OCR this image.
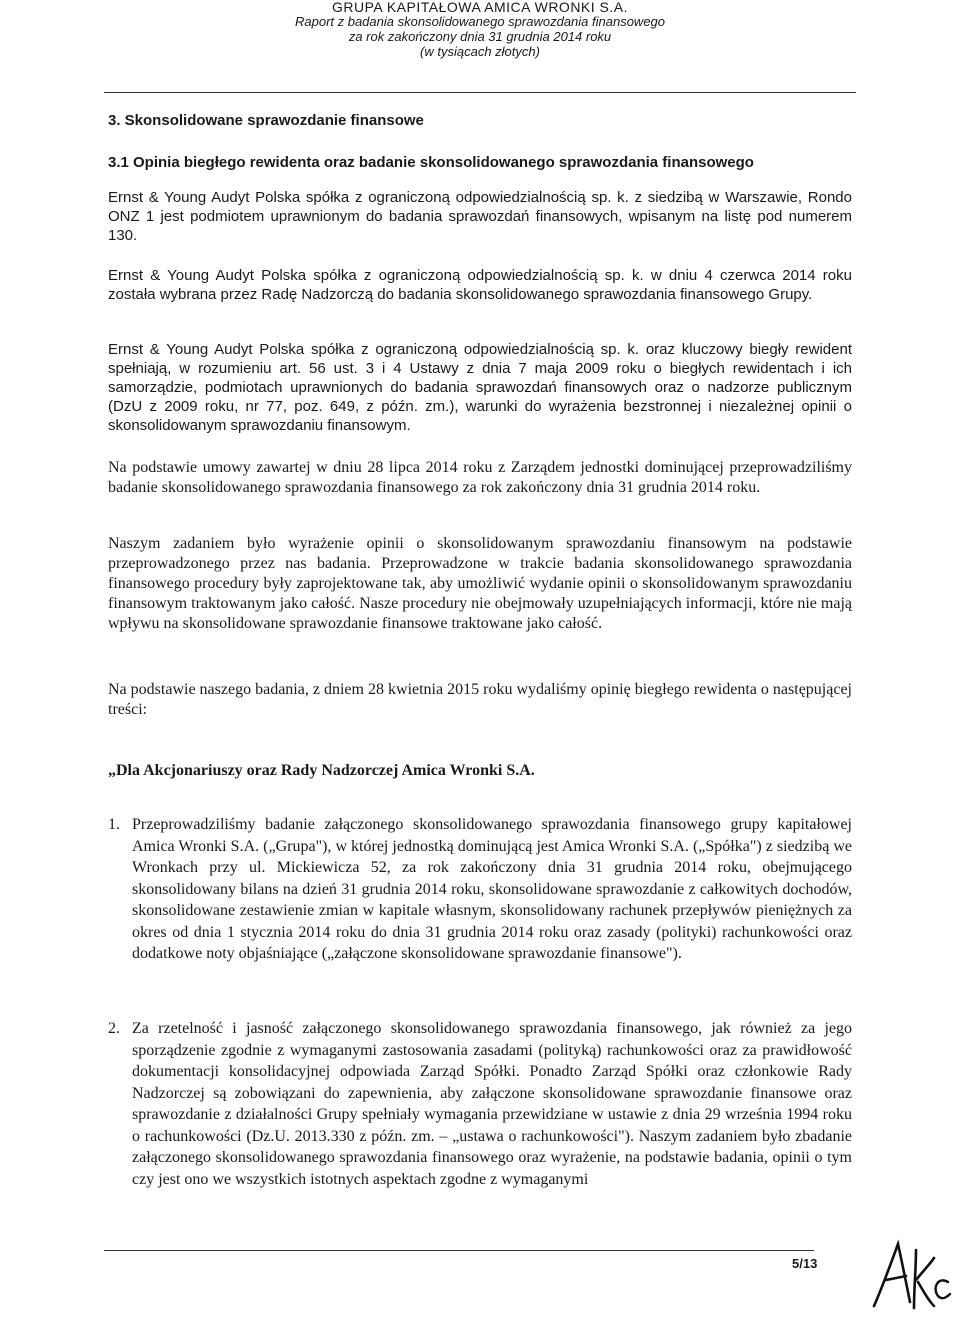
GRUPA KAPITAŁOWA AMICA WRONKI S.A.
Raport z badania skonsolidowanego sprawozdania finansowego
za rok zakończony dnia 31 grudnia 2014 roku
(w tysiącach złotych)
3. Skonsolidowane sprawozdanie finansowe
3.1 Opinia biegłego rewidenta oraz badanie skonsolidowanego sprawozdania finansowego

Ernst & Young Audyt Polska spółka z ograniczoną odpowiedzialnością sp. k. z siedzibą w Warszawie, Rondo ONZ 1 jest podmiotem uprawnionym do badania sprawozdań finansowych, wpisanym na listę pod numerem 130.

Ernst & Young Audyt Polska spółka z ograniczoną odpowiedzialnością sp. k. w dniu 4 czerwca 2014 roku została wybrana przez Radę Nadzorczą do badania skonsolidowanego sprawozdania finansowego Grupy.

Ernst & Young Audyt Polska spółka z ograniczoną odpowiedzialnością sp. k. oraz kluczowy biegły rewident spełniają, w rozumieniu art. 56 ust. 3 i 4 Ustawy z dnia 7 maja 2009 roku o biegłych rewidentach i ich samorządzie, podmiotach uprawnionych do badania sprawozdań finansowych oraz o nadzorze publicznym (DzU z 2009 roku, nr 77, poz. 649, z późn. zm.), warunki do wyrażenia bezstronnej i niezależnej opinii o skonsolidowanym sprawozdaniu finansowym.

Na podstawie umowy zawartej w dniu 28 lipca 2014 roku z Zarządem jednostki dominującej przeprowadziliśmy badanie skonsolidowanego sprawozdania finansowego za rok zakończony dnia 31 grudnia 2014 roku.

Naszym zadaniem było wyrażenie opinii o skonsolidowanym sprawozdaniu finansowym na podstawie przeprowadzonego przez nas badania. Przeprowadzone w trakcie badania skonsolidowanego sprawozdania finansowego procedury były zaprojektowane tak, aby umożliwić wydanie opinii o skonsolidowanym sprawozdaniu finansowym traktowanym jako całość. Nasze procedury nie obejmowały uzupełniających informacji, które nie mają wpływu na skonsolidowane sprawozdanie finansowe traktowane jako całość.

Na podstawie naszego badania, z dniem 28 kwietnia 2015 roku wydaliśmy opinię biegłego rewidenta o następującej treści:

„Dla Akcjonariuszy oraz Rady Nadzorczej Amica Wronki S.A.

1. Przeprowadziliśmy badanie załączonego skonsolidowanego sprawozdania finansowego grupy kapitałowej Amica Wronki S.A. („Grupa"), w której jednostką dominującą jest Amica Wronki S.A. („Spółka") z siedzibą we Wronkach przy ul. Mickiewicza 52, za rok zakończony dnia 31 grudnia 2014 roku, obejmującego skonsolidowany bilans na dzień 31 grudnia 2014 roku, skonsolidowane sprawozdanie z całkowitych dochodów, skonsolidowane zestawienie zmian w kapitale własnym, skonsolidowany rachunek przepływów pieniężnych za okres od dnia 1 stycznia 2014 roku do dnia 31 grudnia 2014 roku oraz zasady (polityki) rachunkowości oraz dodatkowe noty objaśniające („załączone skonsolidowane sprawozdanie finansowe").
2. Za rzetelność i jasność załączonego skonsolidowanego sprawozdania finansowego, jak również za jego sporządzenie zgodnie z wymaganymi zastosowania zasadami (polityką) rachunkowości oraz za prawidłowość dokumentacji konsolidacyjnej odpowiada Zarząd Spółki. Ponadto Zarząd Spółki oraz członkowie Rady Nadzorczej są zobowiązani do zapewnienia, aby załączone skonsolidowane sprawozdanie finansowe oraz sprawozdanie z działalności Grupy spełniały wymagania przewidziane w ustawie z dnia 29 września 1994 roku o rachunkowości (Dz.U. 2013.330 z późn. zm. – „ustawa o rachunkowości"). Naszym zadaniem było zbadanie załączonego skonsolidowanego sprawozdania finansowego oraz wyrażenie, na podstawie badania, opinii o tym czy jest ono we wszystkich istotnych aspektach zgodne z wymaganymi
5/13
